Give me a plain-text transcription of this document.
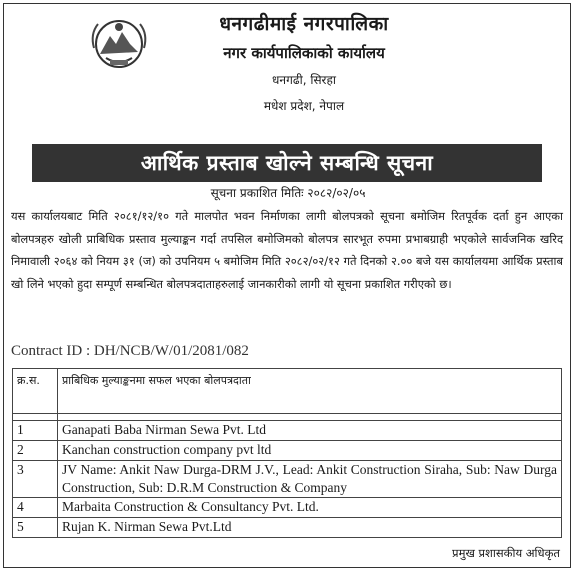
धनगढीमाई नगरपालिका
नगर कार्यपालिकाको कार्यालय
धनगढी, सिरहा
मधेश प्रदेश, नेपाल
आर्थिक प्रस्ताब खोल्ने सम्बन्धि सूचना
सूचना प्रकाशित मितिः २०८२/०२/०५
यस कार्यालयबाट मिति २०८१/१२/१० गते मालपोत भवन निर्माणका लागी बोलपत्रको सूचना बमोजिम रितपूर्वक दर्ता हुन आएका बोलपत्रहरु खोली प्राबिधिक प्रस्ताव मुल्याङ्कन गर्दा तपसिल बमोजिमको बोलपत्र सारभूत रुपमा प्रभाबग्राही भएकोले सार्वजनिक खरिद निमावाली २०६४ को नियम ३१ (ज) को उपनियम ५ बमोजिम मिति २०८२/०२/१२ गते दिनको २.०० बजे यस कार्यालयमा आर्थिक प्रस्ताब खो लिने भएको हुदा सम्पूर्ण सम्बन्धित बोलपत्रदाताहरुलाई जानकारीको लागी यो सूचना प्रकाशित गरीएको छ।
Contract ID : DH/NCB/W/01/2081/082
क्र.स.	प्राबिधिक मुल्याङ्कनमा सफल भएका बोलपत्रदाता

1	Ganapati Baba Nirman Sewa Pvt. Ltd
2	Kanchan construction company pvt ltd
3	JV Name: Ankit Naw Durga-DRM J.V., Lead: Ankit Construction Siraha, Sub: Naw Durga Construction, Sub: D.R.M Construction & Company
4	Marbaita Construction & Consultancy Pvt. Ltd.
5	Rujan K. Nirman Sewa Pvt.Ltd
प्रमुख प्रशासकीय अधिकृत
